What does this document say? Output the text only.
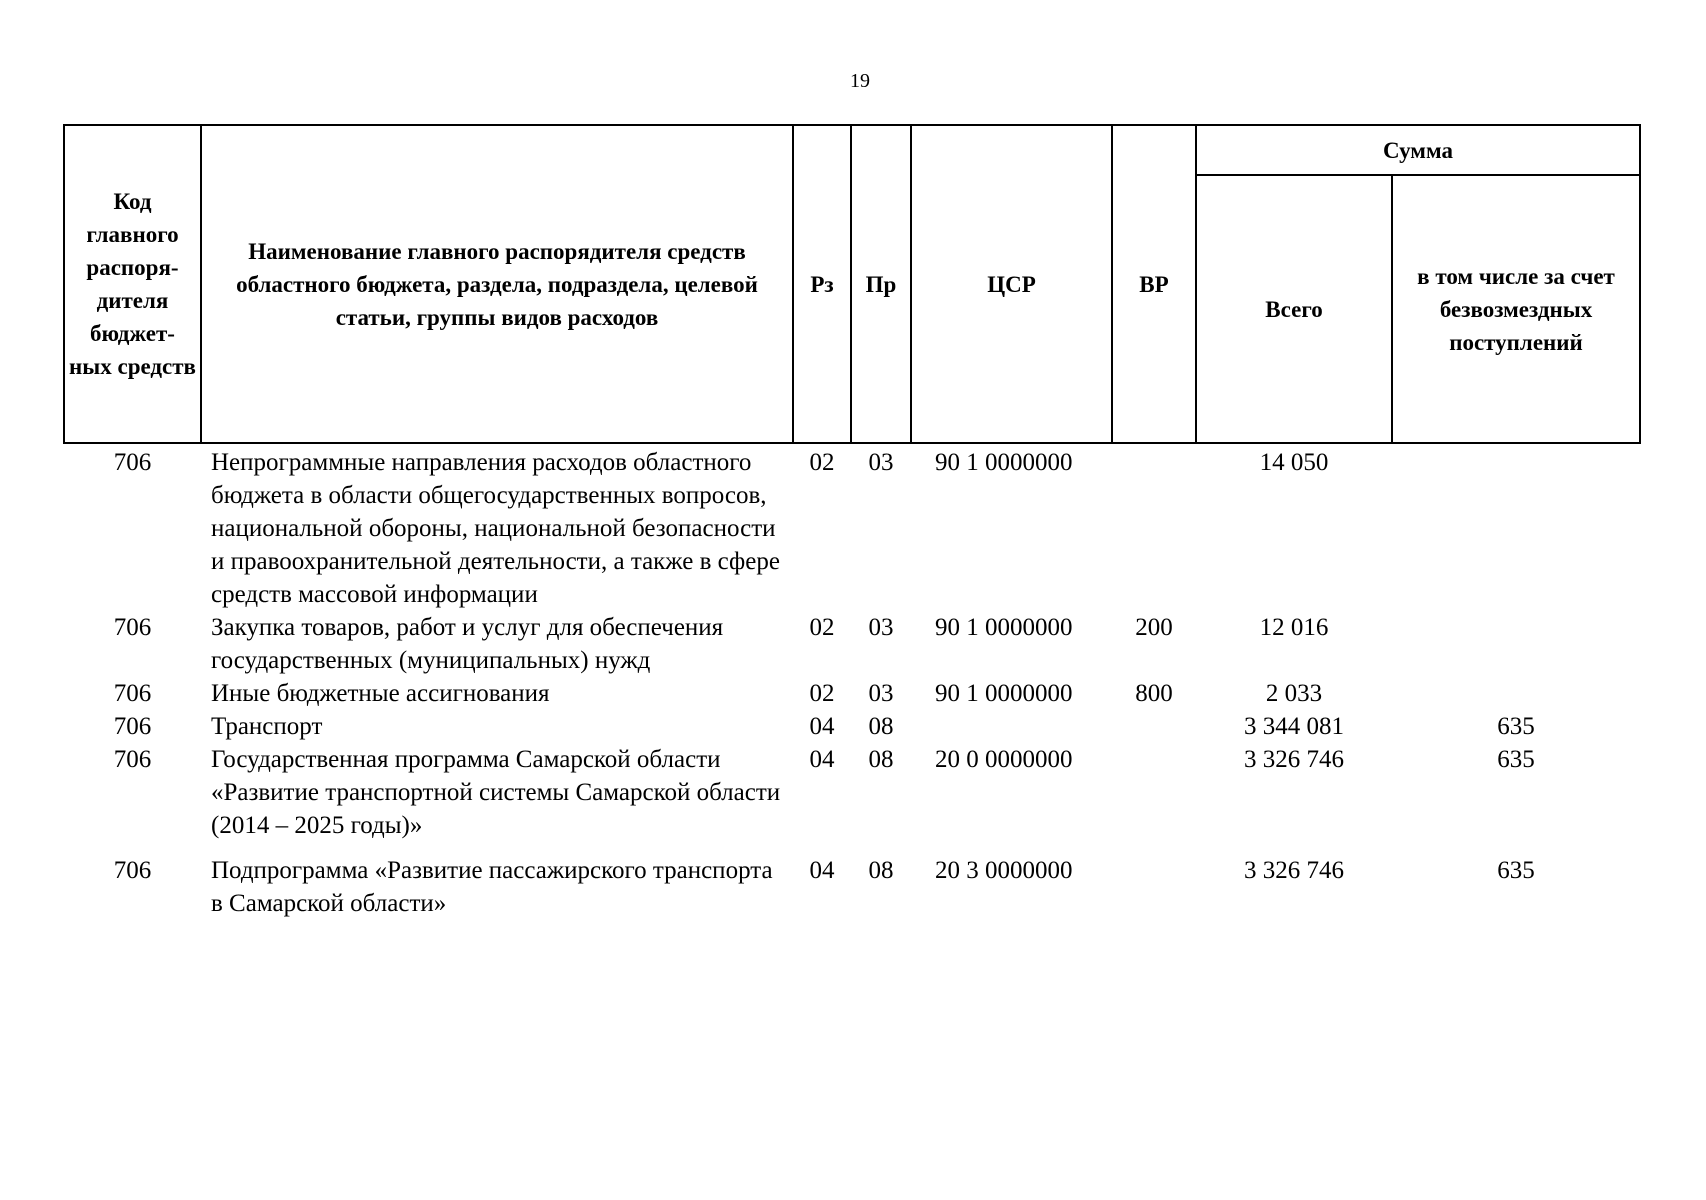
19
Код главного распоря-дителя бюджет-ных средств	Наименование главного распорядителя средств областного бюджета, раздела, подраздела, целевой статьи, группы видов расходов	Рз	Пр	ЦСР	ВР	Сумма	
						Всего	в том числе за счет безвозмездных поступлений
706	Непрограммные направления расходов областного бюджета в области общегосударственных вопросов, национальной обороны, национальной безопасности и правоохранительной деятельности, а также в сфере средств массовой информации	02	03	90 1 0000000		14 050	
706	Закупка товаров, работ и услуг для обеспечения государственных (муниципальных) нужд	02	03	90 1 0000000	200	12 016	
706	Иные бюджетные ассигнования	02	03	90 1 0000000	800	2 033	
706	Транспорт	04	08			3 344 081	635
706	Государственная программа Самарской области «Развитие транспортной системы Самарской области (2014 – 2025 годы)»	04	08	20 0 0000000		3 326 746	635
706	Подпрограмма «Развитие пассажирского транспорта в Самарской области»	04	08	20 3 0000000		3 326 746	635
